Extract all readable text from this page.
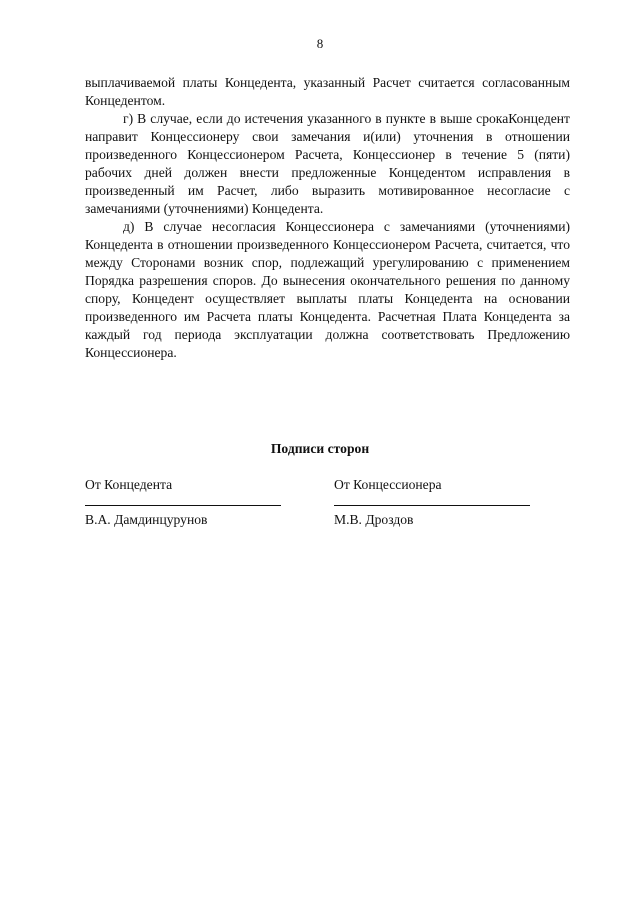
8

выплачиваемой платы Концедента, указанный Расчет считается согласованным Концедентом.

г) В случае, если до истечения указанного в пункте в выше срокаКонцедент направит Концессионеру свои замечания и(или) уточнения в отношении произведенного Концессионером Расчета, Концессионер в течение 5 (пяти) рабочих дней должен внести предложенные Концедентом исправления в произведенный им Расчет, либо выразить мотивированное несогласие с замечаниями (уточнениями) Концедента.

д) В случае несогласия Концессионера с замечаниями (уточнениями) Концедента в отношении произведенного Концессионером Расчета, считается, что между Сторонами возник спор, подлежащий урегулированию с применением Порядка разрешения споров. До вынесения окончательного решения по данному спору, Концедент осуществляет выплаты платы Концедента на основании произведенного им Расчета платы Концедента. Расчетная Плата Концедента за каждый год периода эксплуатации должна соответствовать Предложению Концессионера.

Подписи сторон
От Концедента
В.А. Дамдинцурунов
От Концессионера
М.В. Дроздов
